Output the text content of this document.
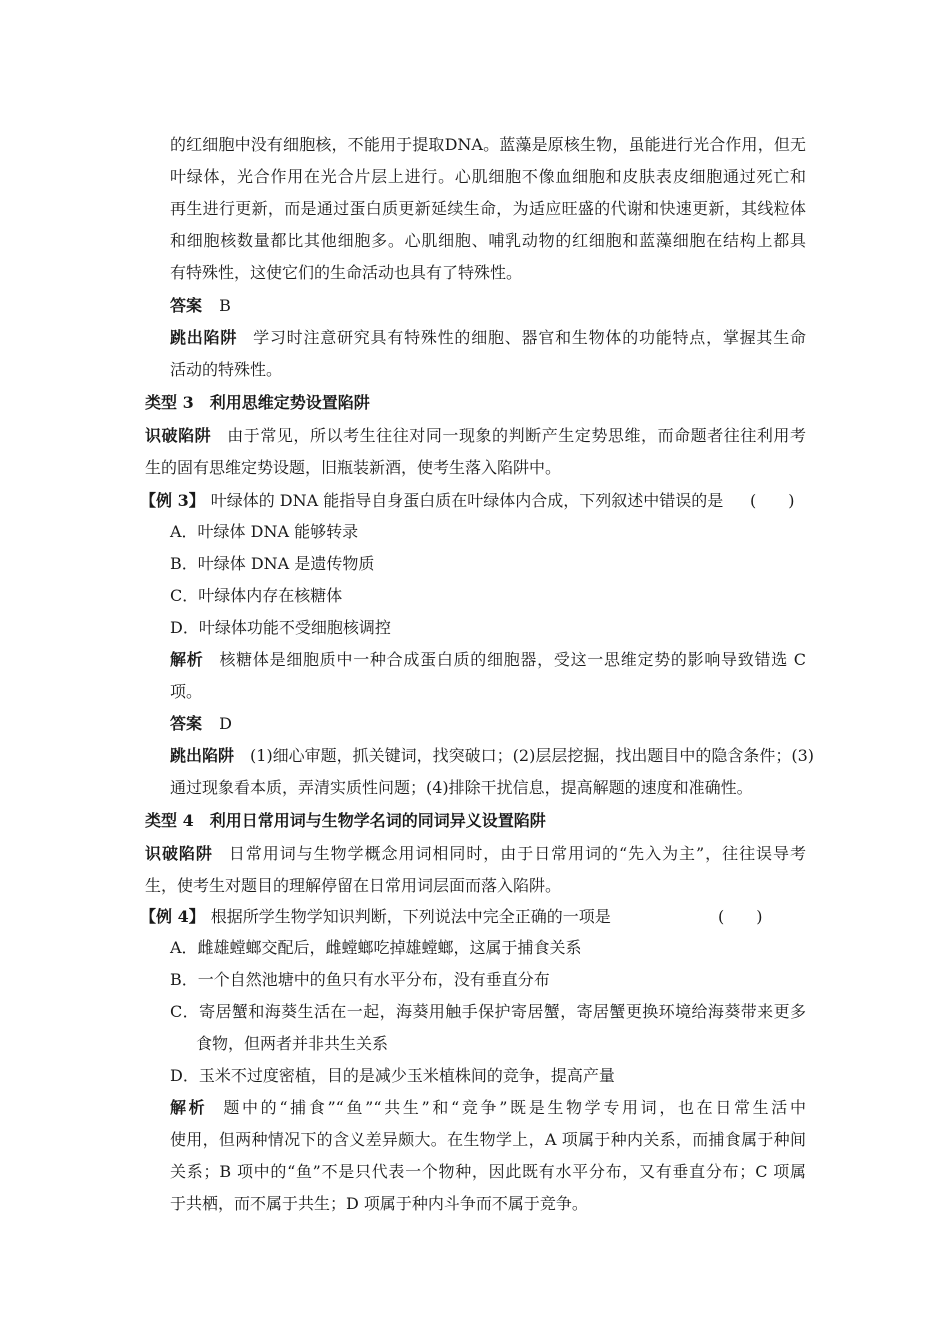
的红细胞中没有细胞核，不能用于提取DNA。蓝藻是原核生物，虽能进行光合作用，但无
叶绿体，光合作用在光合片层上进行。心肌细胞不像血细胞和皮肤表皮细胞通过死亡和
再生进行更新，而是通过蛋白质更新延续生命，为适应旺盛的代谢和快速更新，其线粒体
和细胞核数量都比其他细胞多。心肌细胞、哺乳动物的红细胞和蓝藻细胞在结构上都具
有特殊性，这使它们的生命活动也具有了特殊性。
答案 B
跳出陷阱 学习时注意研究具有特殊性的细胞、器官和生物体的功能特点，掌握其生命
活动的特殊性。
类型 3　利用思维定势设置陷阱
识破陷阱 由于常见，所以考生往往对同一现象的判断产生定势思维，而命题者往往利用考
生的固有思维定势设题，旧瓶装新酒，使考生落入陷阱中。
【例 3】 叶绿体的 DNA 能指导自身蛋白质在叶绿体内合成，下列叙述中错误的是 (　　)
A．叶绿体 DNA 能够转录
B．叶绿体 DNA 是遗传物质
C．叶绿体内存在核糖体
D．叶绿体功能不受细胞核调控
解析 核糖体是细胞质中一种合成蛋白质的细胞器，受这一思维定势的影响导致错选 C
项。
答案 D
跳出陷阱 (1)细心审题，抓关键词，找突破口；(2)层层挖掘，找出题目中的隐含条件；(3)
通过现象看本质，弄清实质性问题；(4)排除干扰信息，提高解题的速度和准确性。
类型 4　利用日常用词与生物学名词的同词异义设置陷阱
识破陷阱 日常用词与生物学概念用词相同时，由于日常用词的“先入为主”，往往误导考
生，使考生对题目的理解停留在日常用词层面而落入陷阱。
【例 4】 根据所学生物学知识判断，下列说法中完全正确的一项是	(　　)
A．雌雄螳螂交配后，雌螳螂吃掉雄螳螂，这属于捕食关系
B．一个自然池塘中的鱼只有水平分布，没有垂直分布
C．寄居蟹和海葵生活在一起，海葵用触手保护寄居蟹，寄居蟹更换环境给海葵带来更多
食物，但两者并非共生关系
D．玉米不过度密植，目的是减少玉米植株间的竞争，提高产量
解析 题中的“捕食”“鱼”“共生”和“竞争”既是生物学专用词，也在日常生活中
使用，但两种情况下的含义差异颇大。在生物学上，A 项属于种内关系，而捕食属于种间
关系；B 项中的“鱼”不是只代表一个物种，因此既有水平分布，又有垂直分布；C 项属
于共栖，而不属于共生；D 项属于种内斗争而不属于竞争。
